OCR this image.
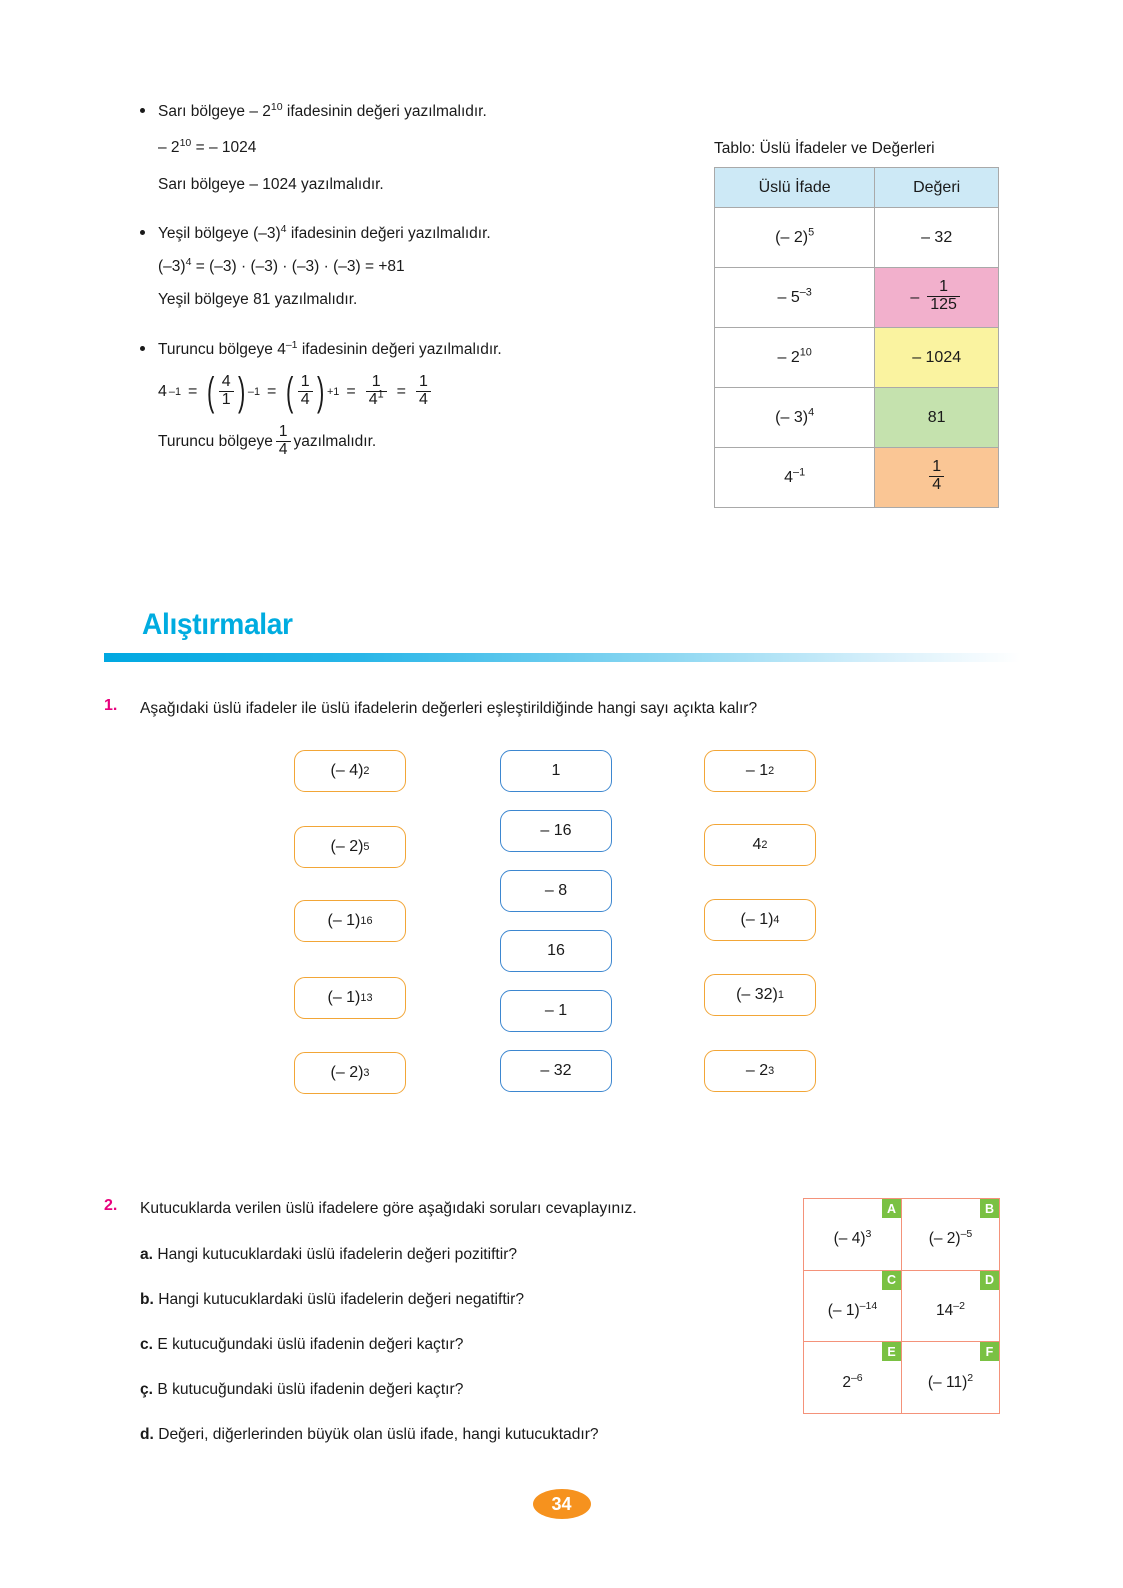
Sarı bölgeye – $2^{10}$ ifadesinin değeri yazılmalıdır.
– $2^{10}$ = – 1024
Sarı bölgeye – 1024 yazılmalıdır.
Yeşil bölgeye $(-3)^4$ ifadesinin değeri yazılmalıdır.
$(-3)^4 = (-3) \cdot (-3) \cdot (-3) \cdot (-3) = +81$
Yeşil bölgeye 81 yazılmalıdır.
Turuncu bölgeye $4^{-1}$ ifadesinin değeri yazılmalıdır.
4 –1 = ( $\frac{4}{1}$ ) –1 = ( $\frac{1}{4}$ ) $+1 = \frac{1}{4^1} = \frac{1}{4}$
Turuncu bölgeye $\frac{1}{4}$ yazılmalıdır.
Tablo: Üslü İfadeler ve Değerleri
Üslü İfade	Değeri
(– 2)$^5$	– 32
– $5^{-3}$	– $\frac{1}{125}$

– $2^{10}$	– 1024
(– 3)$^4$	81
$4^{-1}$	$\frac{1}{4}$
Alıştırmalar
1. Aşağıdaki üslü ifadeler ile üslü ifadelerin değerleri eşleştirildiğinde hangi sayı açıkta kalır?
(– 4) 2
(– 2) 5
(– 1) 16
(– 1) 13
(– 2) 3
1
– 16
– 8
16
– 1
– 32
– 1 2
4 2
(– 1) 4
(– 32) 1
– 2 3
2. Kutucuklarda verilen üslü ifadelere göre aşağıdaki soruları cevaplayınız.
a. Hangi kutucuklardaki üslü ifadelerin değeri pozitiftir?
b. Hangi kutucuklardaki üslü ifadelerin değeri negatiftir?
c. E kutucuğundaki üslü ifadenin değeri kaçtır?
ç. B kutucuğundaki üslü ifadenin değeri kaçtır?
d. Değeri, diğerlerinden büyük olan üslü ifade, hangi kutucuktadır?
A
(– 4)$^3$
B
(– 2)$^{-5}$
C
(– 1)$^{-14}$
D
$14^{-2}$
E
$2^{-6}$
F
(– 11)$^2$
34
